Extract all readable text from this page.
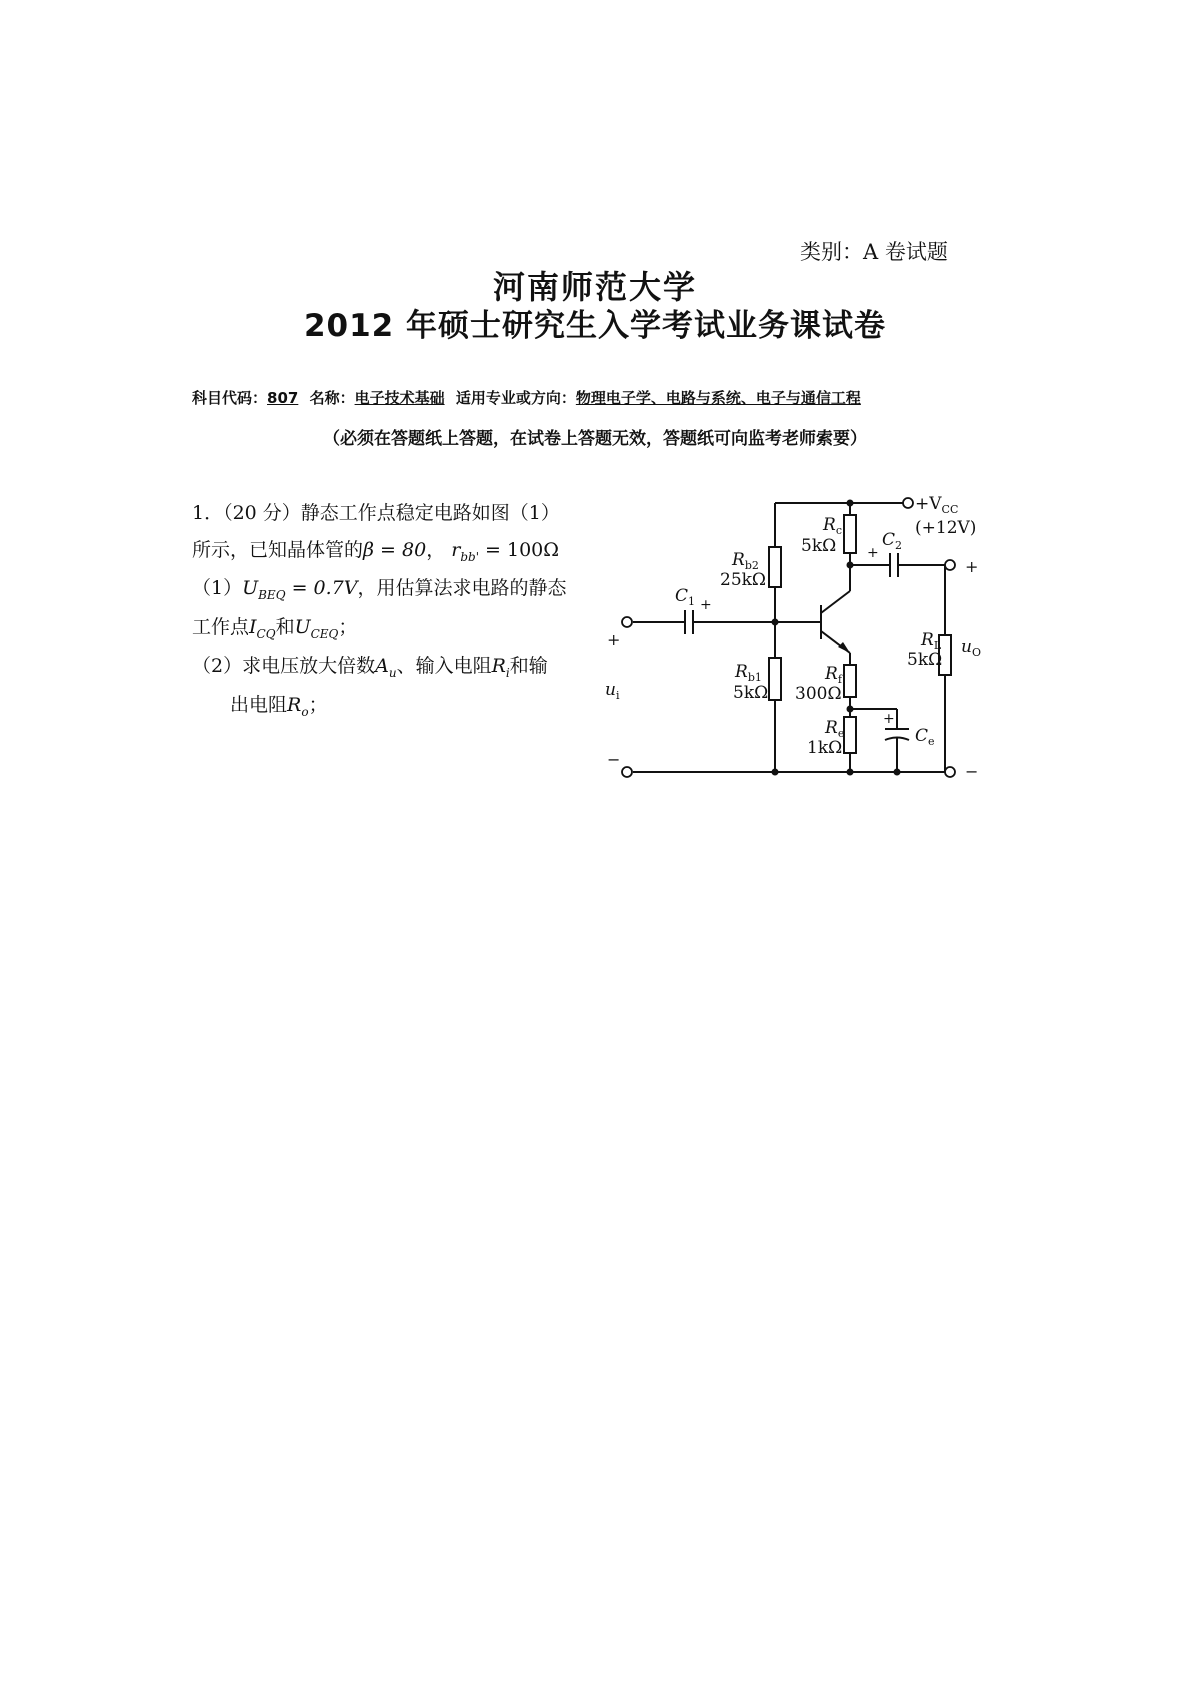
类别：A 卷试题
河南师范大学
2012 年硕士研究生入学考试业务课试卷
科目代码：807 名称：电子技术基础 适用专业或方向：物理电子学、电路与系统、电子与通信工程
（必须在答题纸上答题，在试卷上答题无效，答题纸可向监考老师索要）
1．（20 分）静态工作点稳定电路如图（1）
所示，已知晶体管的β = 80， $r_{bb'} = 100\Omega$
$(1)U_{BEQ} = 0.7V$，用估算法求电路的静态
工作点$I_{CQ}$和$U_{CEQ}$；
（2）求电压放大倍数$A_u$、输入电阻$R_i$和输
出电阻$R_o$；
$+V_{CC}$
(+12V)
$R_{b2}$
25kΩ
$R_c$
5kΩ	$C_2$
+
$C_1$ +
+
$u_i$
−
$R_{b1}$
5kΩ
$R_f$
300Ω
$R_e$
1kΩ
+
$C_e$
$R_L$
5kΩ
$u_O$
+
−
